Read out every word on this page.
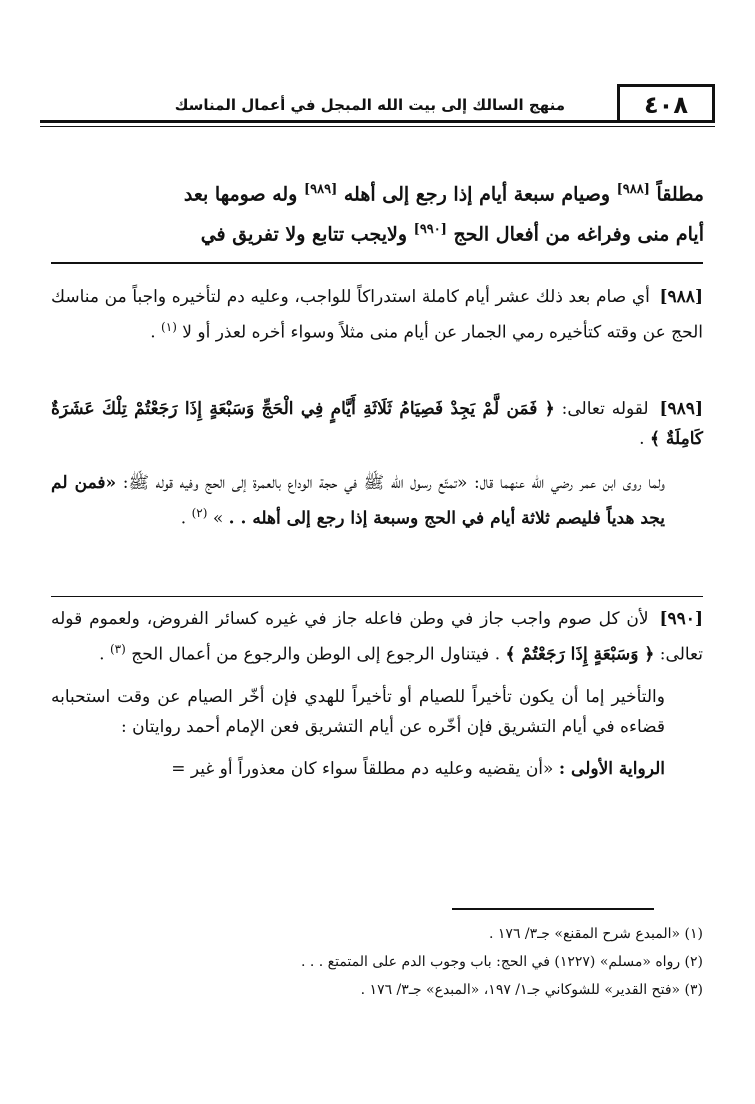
٤٠٨
منهج السالك إلى بيت الله المبجل في أعمال المناسك

مطلقاً [٩٨٨] وصيام سبعة أيام إذا رجع إلى أهله [٩٨٩] وله صومها بعد

أيام منى وفراغه من أفعال الحج [٩٩٠] ولايجب تتابع ولا تفريق في

[٩٨٨] أي صام بعد ذلك عشر أيام كاملة استدراكاً للواجب، وعليه دم لتأخيره واجباً من مناسك الحج عن وقته كتأخيره رمي الجمار عن أيام منى مثلاً وسواء أخره لعذر أو لا $^{(١)}$ .

[٩٨٩] لقوله تعالى: ﴿ فَمَن لَّمْ يَجِدْ فَصِيَامُ ثَلَاثَةِ أَيَّامٍ فِي الْحَجِّ وَسَبْعَةٍ إِذَا رَجَعْتُمْ تِلْكَ عَشَرَةٌ كَامِلَةٌ ﴾ .

ولما روى ابن عمر رضي الله عنهما قال: «تمتّع رسول الله ﷺ في حجة الوداع بالعمرة إلى الحج وفيه قوله ﷺ: «فمن لم يجد هدياً فليصم ثلاثة أيام في الحج وسبعة إذا رجع إلى أهله . . » $^{(٢)}$ .

[٩٩٠] لأن كل صوم واجب جاز في وطن فاعله جاز في غيره كسائر الفروض، ولعموم قوله تعالى: ﴿ وَسَبْعَةٍ إِذَا رَجَعْتُمْ ﴾ . فيتناول الرجوع إلى الوطن والرجوع من أعمال الحج $^{(٣)}$ .

والتأخير إما أن يكون تأخيراً للصيام أو تأخيراً للهدي فإن أخّر الصيام عن وقت استحبابه قضاءه في أيام التشريق فإن أخّره عن أيام التشريق فعن الإمام أحمد روايتان :

الرواية الأولى : «أن يقضيه وعليه دم مطلقاً سواء كان معذوراً أو غير =

(١) «المبدع شرح المقنع» جـ٣/ ١٧٦ .

(٢) رواه «مسلم» (١٢٢٧) في الحج: باب وجوب الدم على المتمتع . . .

(٣) «فتح القدير» للشوكاني جـ١/ ١٩٧، «المبدع» جـ٣/ ١٧٦ .
